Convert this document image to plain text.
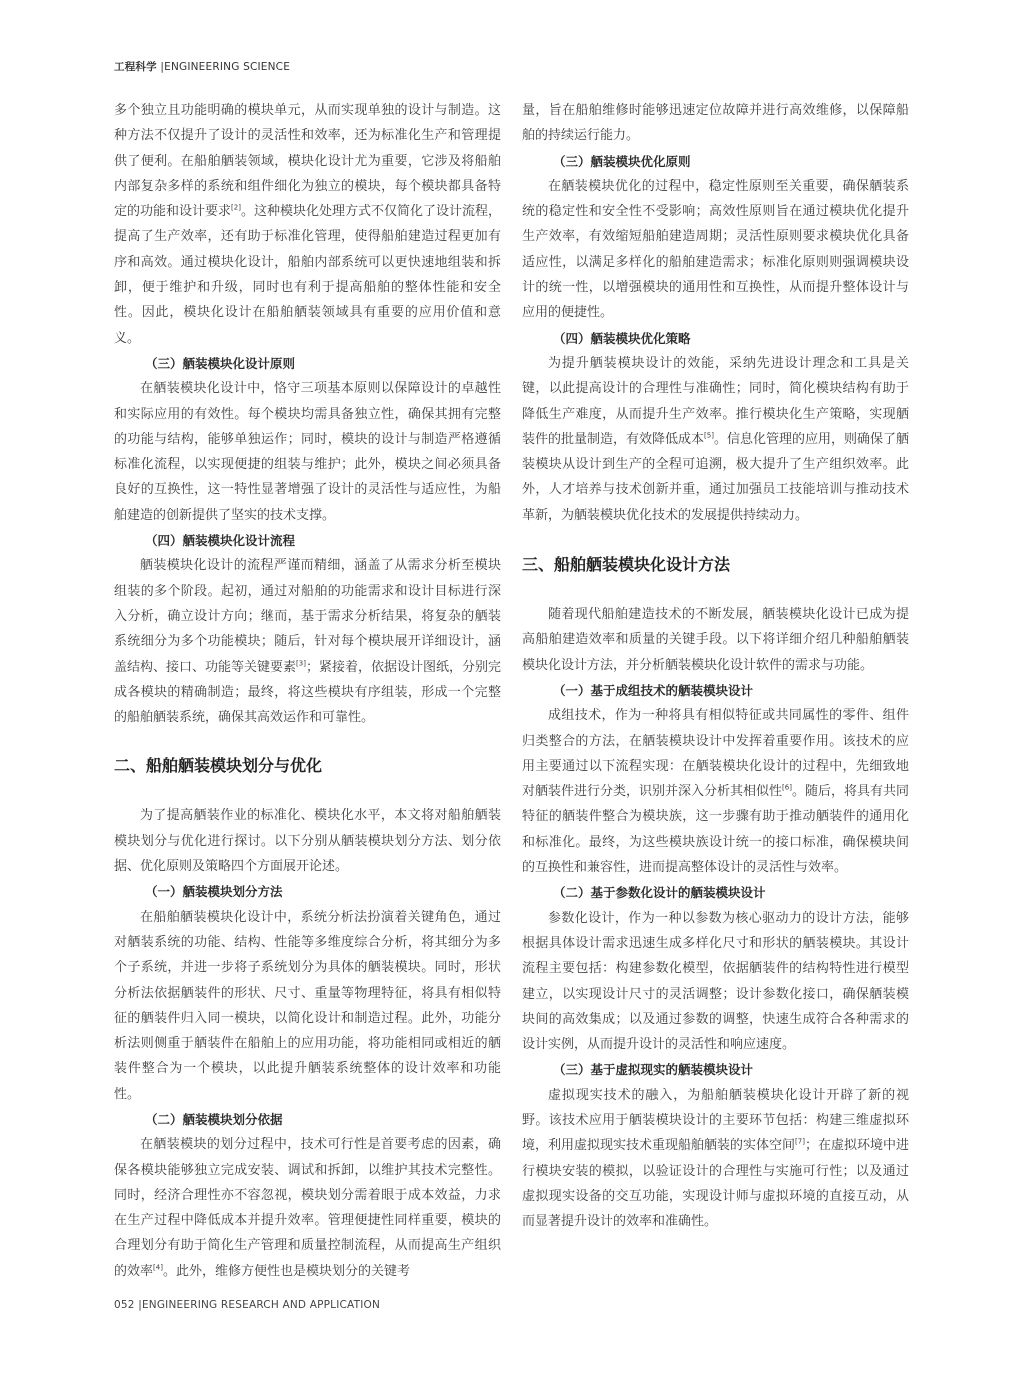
工程科学 |ENGINEERING SCIENCE

多个独立且功能明确的模块单元，从而实现单独的设计与制造。这种方法不仅提升了设计的灵活性和效率，还为标准化生产和管理提供了便利。在船舶舾装领域，模块化设计尤为重要，它涉及将船舶内部复杂多样的系统和组件细化为独立的模块，每个模块都具备特定的功能和设计要求[2]。这种模块化处理方式不仅简化了设计流程，提高了生产效率，还有助于标准化管理，使得船舶建造过程更加有序和高效。通过模块化设计，船舶内部系统可以更快速地组装和拆卸，便于维护和升级，同时也有利于提高船舶的整体性能和安全性。因此，模块化设计在船舶舾装领域具有重要的应用价值和意义。

（三）舾装模块化设计原则

在舾装模块化设计中，恪守三项基本原则以保障设计的卓越性和实际应用的有效性。每个模块均需具备独立性，确保其拥有完整的功能与结构，能够单独运作；同时，模块的设计与制造严格遵循标准化流程，以实现便捷的组装与维护；此外，模块之间必须具备良好的互换性，这一特性显著增强了设计的灵活性与适应性，为船舶建造的创新提供了坚实的技术支撑。

（四）舾装模块化设计流程

舾装模块化设计的流程严谨而精细，涵盖了从需求分析至模块组装的多个阶段。起初，通过对船舶的功能需求和设计目标进行深入分析，确立设计方向；继而，基于需求分析结果，将复杂的舾装系统细分为多个功能模块；随后，针对每个模块展开详细设计，涵盖结构、接口、功能等关键要素[3]；紧接着，依据设计图纸，分别完成各模块的精确制造；最终，将这些模块有序组装，形成一个完整的船舶舾装系统，确保其高效运作和可靠性。

二、船舶舾装模块划分与优化

为了提高舾装作业的标准化、模块化水平，本文将对船舶舾装模块划分与优化进行探讨。以下分别从舾装模块划分方法、划分依据、优化原则及策略四个方面展开论述。

（一）舾装模块划分方法

在船舶舾装模块化设计中，系统分析法扮演着关键角色，通过对舾装系统的功能、结构、性能等多维度综合分析，将其细分为多个子系统，并进一步将子系统划分为具体的舾装模块。同时，形状分析法依据舾装件的形状、尺寸、重量等物理特征，将具有相似特征的舾装件归入同一模块，以简化设计和制造过程。此外，功能分析法则侧重于舾装件在船舶上的应用功能，将功能相同或相近的舾装件整合为一个模块，以此提升舾装系统整体的设计效率和功能性。

（二）舾装模块划分依据

在舾装模块的划分过程中，技术可行性是首要考虑的因素，确保各模块能够独立完成安装、调试和拆卸，以维护其技术完整性。同时，经济合理性亦不容忽视，模块划分需着眼于成本效益，力求在生产过程中降低成本并提升效率。管理便捷性同样重要，模块的合理划分有助于简化生产管理和质量控制流程，从而提高生产组织的效率[4]。此外，维修方便性也是模块划分的关键考

量，旨在船舶维修时能够迅速定位故障并进行高效维修，以保障船舶的持续运行能力。

（三）舾装模块优化原则

在舾装模块优化的过程中，稳定性原则至关重要，确保舾装系统的稳定性和安全性不受影响；高效性原则旨在通过模块优化提升生产效率，有效缩短船舶建造周期；灵活性原则要求模块优化具备适应性，以满足多样化的船舶建造需求；标准化原则则强调模块设计的统一性，以增强模块的通用性和互换性，从而提升整体设计与应用的便捷性。

（四）舾装模块优化策略

为提升舾装模块设计的效能，采纳先进设计理念和工具是关键，以此提高设计的合理性与准确性；同时，简化模块结构有助于降低生产难度，从而提升生产效率。推行模块化生产策略，实现舾装件的批量制造，有效降低成本[5]。信息化管理的应用，则确保了舾装模块从设计到生产的全程可追溯，极大提升了生产组织效率。此外，人才培养与技术创新并重，通过加强员工技能培训与推动技术革新，为舾装模块优化技术的发展提供持续动力。

三、船舶舾装模块化设计方法

随着现代船舶建造技术的不断发展，舾装模块化设计已成为提高船舶建造效率和质量的关键手段。以下将详细介绍几种船舶舾装模块化设计方法，并分析舾装模块化设计软件的需求与功能。

（一）基于成组技术的舾装模块设计

成组技术，作为一种将具有相似特征或共同属性的零件、组件归类整合的方法，在舾装模块设计中发挥着重要作用。该技术的应用主要通过以下流程实现：在舾装模块化设计的过程中，先细致地对舾装件进行分类，识别并深入分析其相似性[6]。随后，将具有共同特征的舾装件整合为模块族，这一步骤有助于推动舾装件的通用化和标准化。最终，为这些模块族设计统一的接口标准，确保模块间的互换性和兼容性，进而提高整体设计的灵活性与效率。

（二）基于参数化设计的舾装模块设计

参数化设计，作为一种以参数为核心驱动力的设计方法，能够根据具体设计需求迅速生成多样化尺寸和形状的舾装模块。其设计流程主要包括：构建参数化模型，依据舾装件的结构特性进行模型建立，以实现设计尺寸的灵活调整；设计参数化接口，确保舾装模块间的高效集成；以及通过参数的调整，快速生成符合各种需求的设计实例，从而提升设计的灵活性和响应速度。

（三）基于虚拟现实的舾装模块设计

虚拟现实技术的融入，为船舶舾装模块化设计开辟了新的视野。该技术应用于舾装模块设计的主要环节包括：构建三维虚拟环境，利用虚拟现实技术重现船舶舾装的实体空间[7]；在虚拟环境中进行模块安装的模拟，以验证设计的合理性与实施可行性；以及通过虚拟现实设备的交互功能，实现设计师与虚拟环境的直接互动，从而显著提升设计的效率和准确性。

052 |ENGINEERING RESEARCH AND APPLICATION
